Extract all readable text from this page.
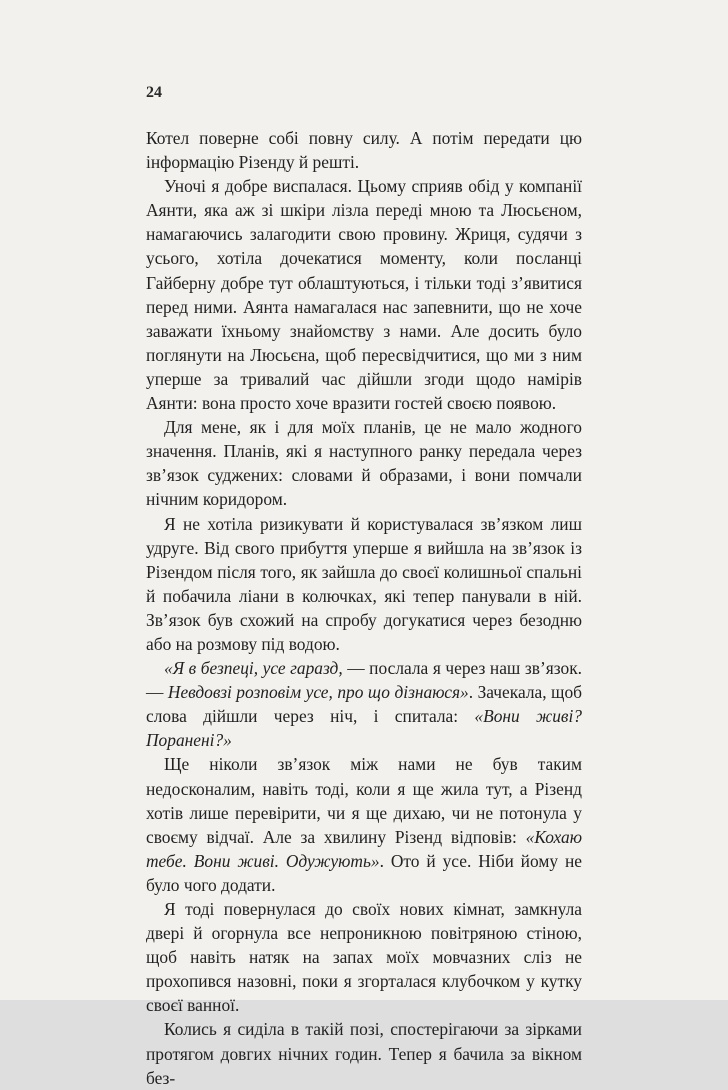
24

Котел поверне собі повну силу. А потім передати цю інформацію Різенду й решті.

Уночі я добре виспалася. Цьому сприяв обід у компанії Аянти, яка аж зі шкіри лізла переді мною та Люсьєном, намагаючись залагодити свою провину. Жриця, судячи з усього, хотіла дочекатися моменту, коли посланці Гайберну добре тут облаштуються, і тільки тоді з’явитися перед ними. Аянта намагалася нас запевнити, що не хоче заважати їхньому знайомству з нами. Але досить було поглянути на Люсьєна, щоб пересвідчитися, що ми з ним уперше за тривалий час дійшли згоди щодо намірів Аянти: вона просто хоче вразити гостей своєю появою.

Для мене, як і для моїх планів, це не мало жодного значення. Планів, які я наступного ранку передала через зв’язок суджених: словами й образами, і вони помчали нічним коридором.

Я не хотіла ризикувати й користувалася зв’язком лиш удруге. Від свого прибуття уперше я вийшла на зв’язок із Різендом після того, як зайшла до своєї колишньої спальні й побачила ліани в колючках, які тепер панували в ній. Зв’язок був схожий на спробу догукатися через безодню або на розмову під водою.

«Я в безпеці, усе гаразд, — послала я через наш зв’язок. — Невдовзі розповім усе, про що дізнаюся». Зачекала, щоб слова дійшли через ніч, і спитала: «Вони живі? Поранені?»

Ще ніколи зв’язок між нами не був таким недосконалим, навіть тоді, коли я ще жила тут, а Різенд хотів лише перевірити, чи я ще дихаю, чи не потонула у своєму відчаї. Але за хвилину Різенд відповів: «Кохаю тебе. Вони живі. Одужують». Ото й усе. Ніби йому не було чого додати.

Я тоді повернулася до своїх нових кімнат, замкнула двері й огорнула все непроникною повітряною стіною, щоб навіть натяк на запах моїх мовчазних сліз не прохопився назовні, поки я згорталася клубочком у кутку своєї ванної.

Колись я сиділа в такій позі, спостерігаючи за зірками протягом довгих нічних годин. Тепер я бачила за вікном без-
